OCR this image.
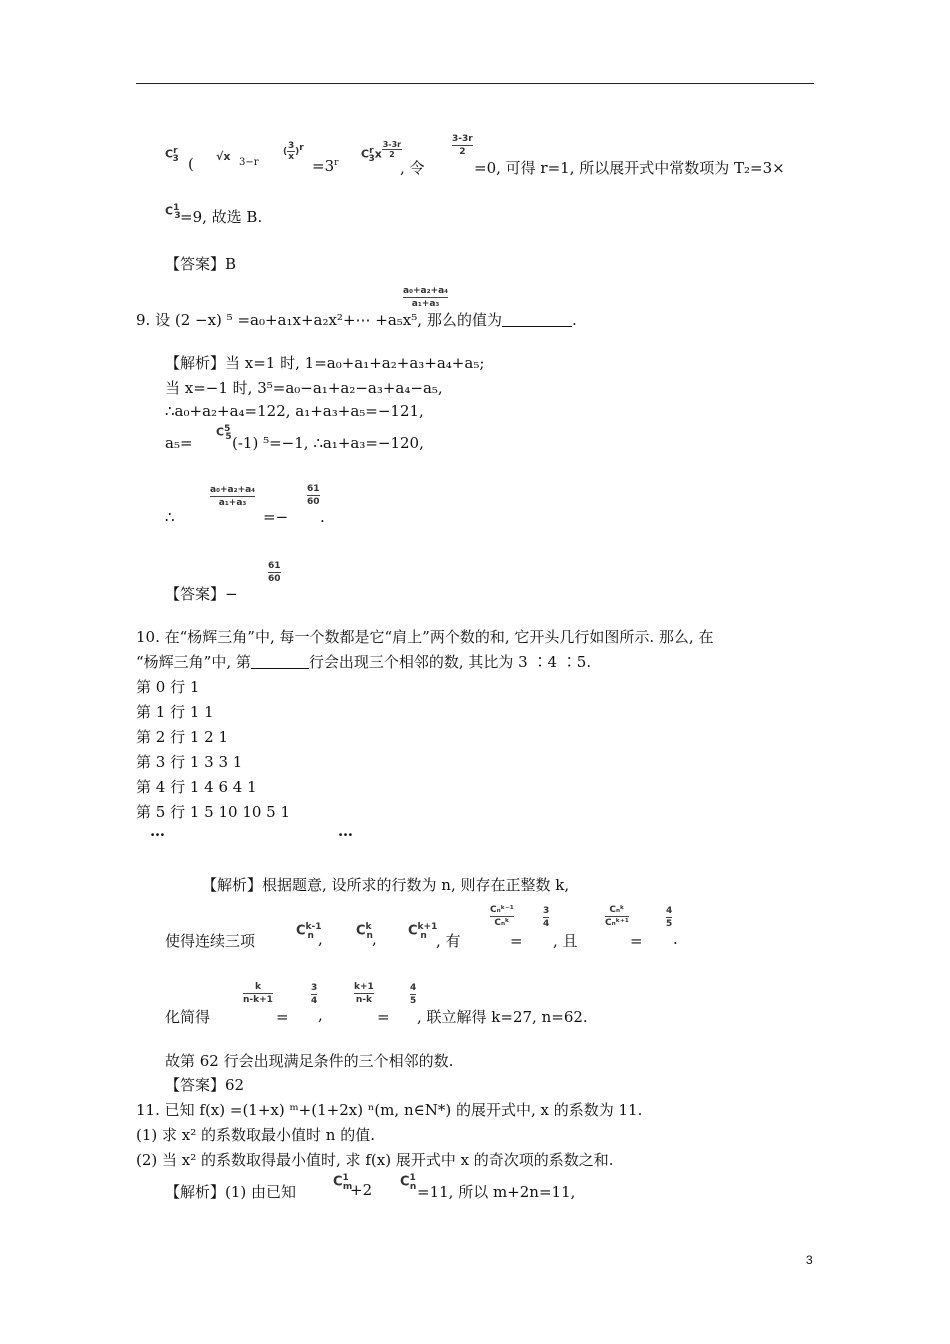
$C^r_3$ ( √x 3−r
( $\frac{3}{x} )^r$
$=3^r$
$C^r_3x \frac{3-3r}{2}$
, 令
3-3r
2
=0, 可得 r=1, 所以展开式中常数项为 T₂=3×
$C^1_3 =9$, 故选 B.
【答案】B
9. 设 (2 −x) ⁵ =a₀+a₁x+a₂x²+⋯ +a₅x⁵, 那么
a₀+a₂+a₄
a₁+a₃
的值为	.
【解析】当 x=1 时, 1=a₀+a₁+a₂+a₃+a₄+a₅;
当 x=−1 时, 3⁵=a₀−a₁+a₂−a₃+a₄−a₅,
∴a₀+a₂+a₄=122, a₁+a₃+a₅=−121,
a₅=
$C^5_5$ (-1) ⁵=−1, ∴a₁+a₃=−120,
∴
a₀+a₂+a₄
a₁+a₃
=−
61
60
.
【答案】−
61
60
10. 在“杨辉三角”中, 每一个数都是它“肩上”两个数的和, 它开头几行如图所示. 那么, 在
“杨辉三角”中, 第	行会出现三个相邻的数, 其比为 3 ∶4 ∶5.
第 0 行 1
第 1 行 1 1
第 2 行 1 2 1
第 3 行 1 3 3 1
第 4 行 1 4 6 4 1
第 5 行 1 5 10 10 5 1
…	…
【解析】根据题意, 设所求的行数为 n, 则存在正整数 k,
使得连续三项
$C^{k-1}_n$ ,	$C^k_n$ , $C^{k+1}_n$ , 有
Cₙᵏ⁻¹
Cₙᵏ
=
3
4
, 且
Cₙᵏ
Cₙᵏ⁺¹
=
4
5
.
化简得
k
n-k+1
=
3
4
,
k+1
n-k
=
4
5
, 联立解得 k=27, n=62.
故第 62 行会出现满足条件的三个相邻的数.
【答案】62
11. 已知 f(x) =(1+x) ᵐ+(1+2x) ⁿ(m, n∈N*) 的展开式中, x 的系数为 11.
(1) 求 x² 的系数取最小值时 n 的值.
(2) 当 x² 的系数取得最小值时, 求 f(x) 展开式中 x 的奇次项的系数之和.
【解析】(1) 由已知
$C^1_m$
+2 $C^1_n =11$, 所以 m+2n=11,
3
